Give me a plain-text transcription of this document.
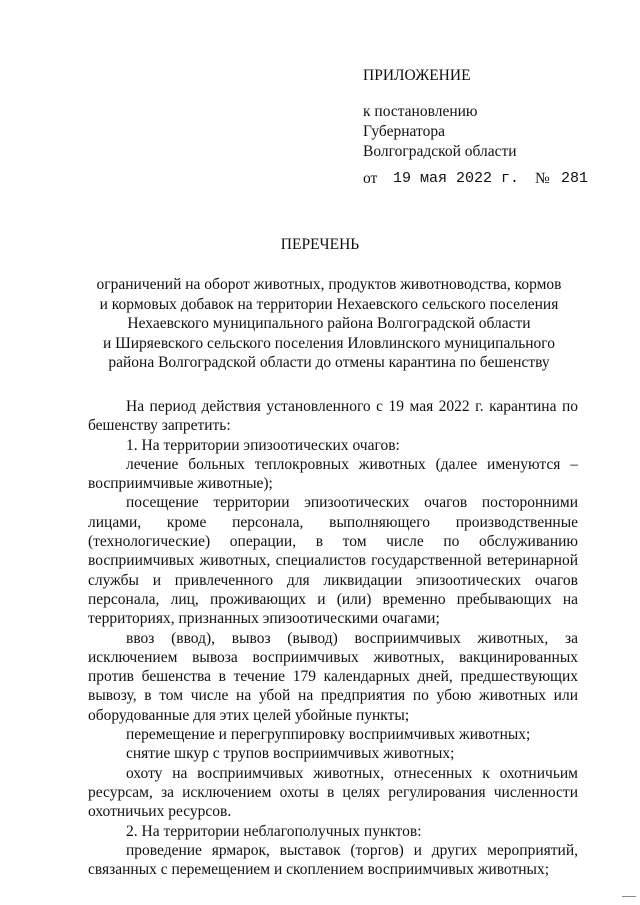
ПРИЛОЖЕНИЕ
к постановлению
Губернатора
Волгоградской области
от 19 мая 2022 г. № 281
ПЕРЕЧЕНЬ
ограничений на оборот животных, продуктов животноводства, кормов
и кормовых добавок на территории Нехаевского сельского поселения
Нехаевского муниципального района Волгоградской области
и Ширяевского сельского поселения Иловлинского муниципального
района Волгоградской области до отмены карантина по бешенству

На период действия установленного с 19 мая 2022 г. карантина по бешенству запретить:

1. На территории эпизоотических очагов:

лечение больных теплокровных животных (далее именуются – восприимчивые животные);

посещение территории эпизоотических очагов посторонними лицами, кроме персонала, выполняющего производственные (технологические) операции, в том числе по обслуживанию восприимчивых животных, специалистов государственной ветеринарной службы и привлеченного для ликвидации эпизоотических очагов персонала, лиц, проживающих и (или) временно пребывающих на территориях, признанных эпизоотическими очагами;

ввоз (ввод), вывоз (вывод) восприимчивых животных, за исключением вывоза восприимчивых животных, вакцинированных против бешенства в течение 179 календарных дней, предшествующих вывозу, в том числе на убой на предприятия по убою животных или оборудованные для этих целей убойные пункты;

перемещение и перегруппировку восприимчивых животных;

снятие шкур с трупов восприимчивых животных;

охоту на восприимчивых животных, отнесенных к охотничьим ресурсам, за исключением охоты в целях регулирования численности охотничьих ресурсов.

2. На территории неблагополучных пунктов:

проведение ярмарок, выставок (торгов) и других мероприятий, связанных с перемещением и скоплением восприимчивых животных;
